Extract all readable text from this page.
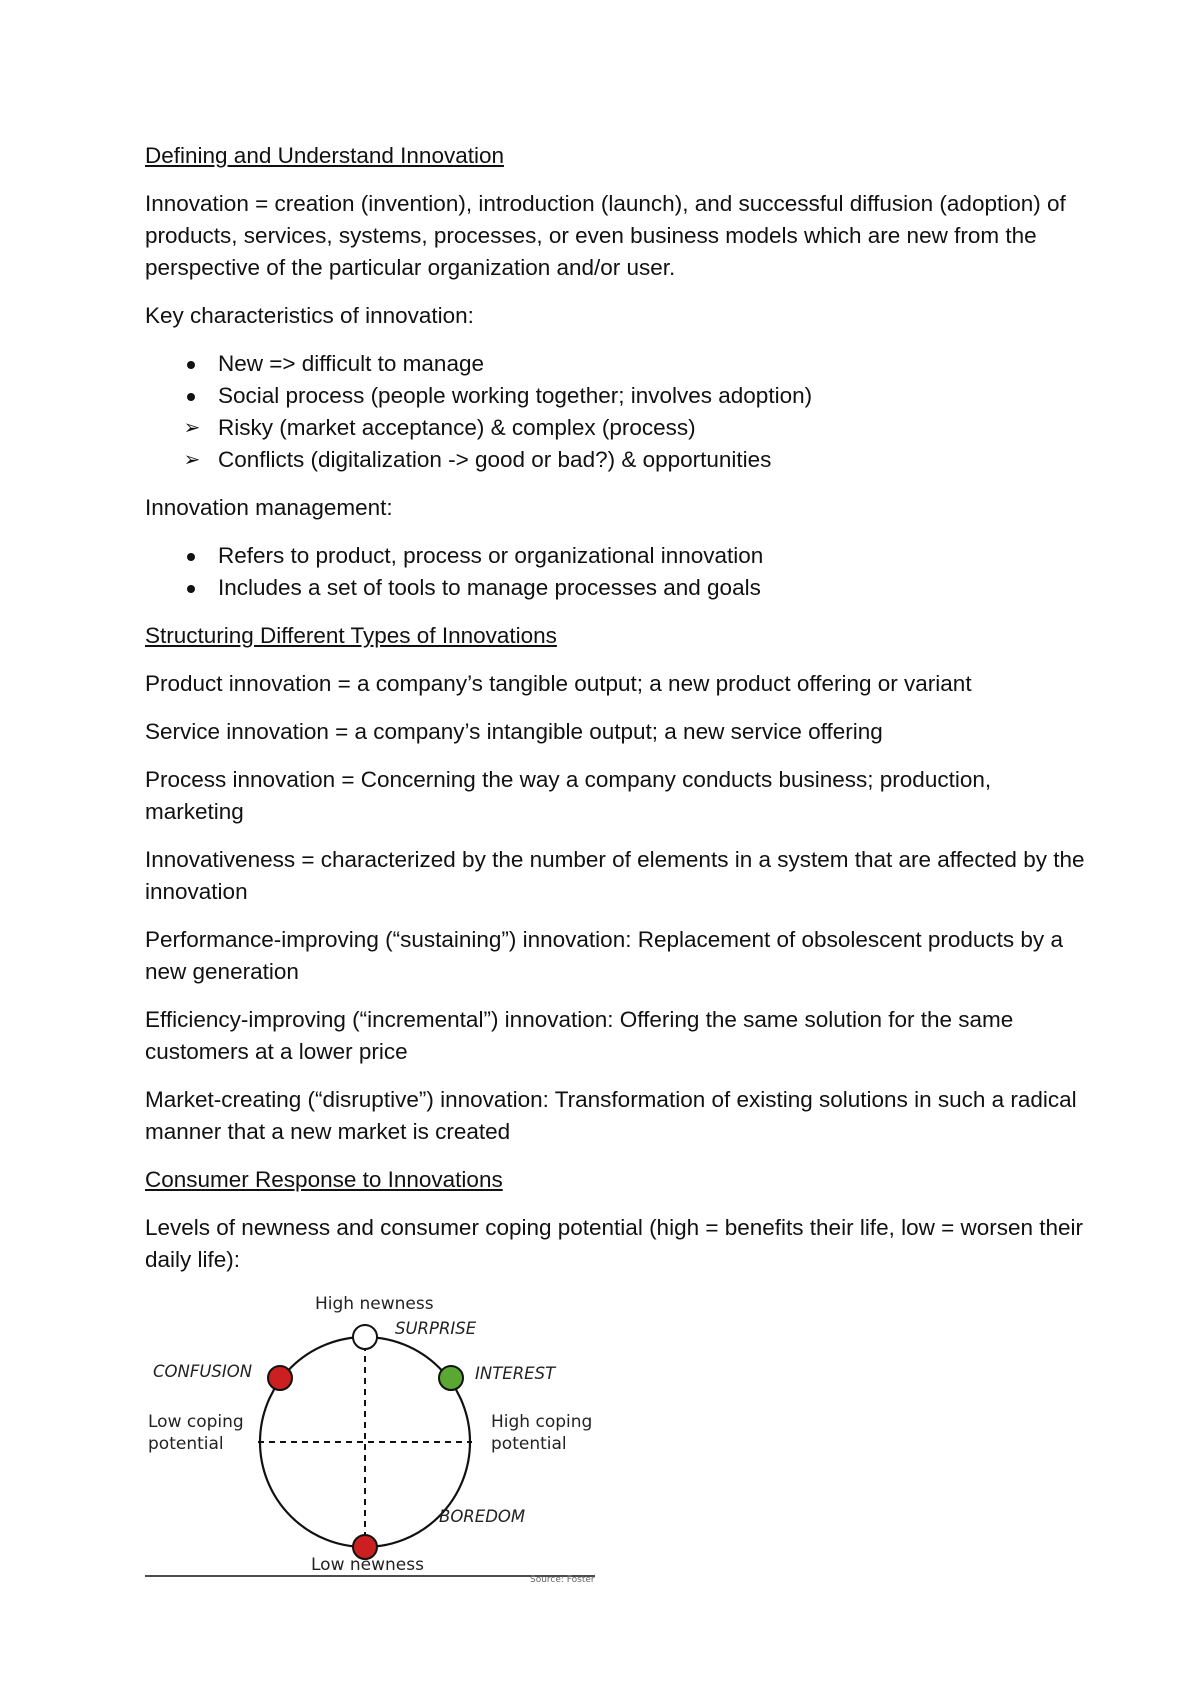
Defining and Understand Innovation
Innovation = creation (invention), introduction (launch), and successful diffusion (adoption) of products, services, systems, processes, or even business models which are new from the perspective of the particular organization and/or user.
Key characteristics of innovation:
New => difficult to manage
Social process (people working together; involves adoption)
➢ Risky (market acceptance) & complex (process)
➢ Conflicts (digitalization -> good or bad?) & opportunities
Innovation management:
Refers to product, process or organizational innovation
Includes a set of tools to manage processes and goals
Structuring Different Types of Innovations
Product innovation = a company’s tangible output; a new product offering or variant
Service innovation = a company’s intangible output; a new service offering
Process innovation = Concerning the way a company conducts business; production, marketing
Innovativeness = characterized by the number of elements in a system that are affected by the innovation
Performance-improving (“sustaining”) innovation: Replacement of obsolescent products by a new generation
Efficiency-improving (“incremental”) innovation: Offering the same solution for the same customers at a lower price
Market-creating (“disruptive”) innovation: Transformation of existing solutions in such a radical manner that a new market is created
Consumer Response to Innovations
Levels of newness and consumer coping potential (high = benefits their life, low = worsen their daily life):
High newness
SURPRISE
CONFUSION	INTEREST
Low coping
potential
High coping
potential
BOREDOM
Low newness
Source: Foster
